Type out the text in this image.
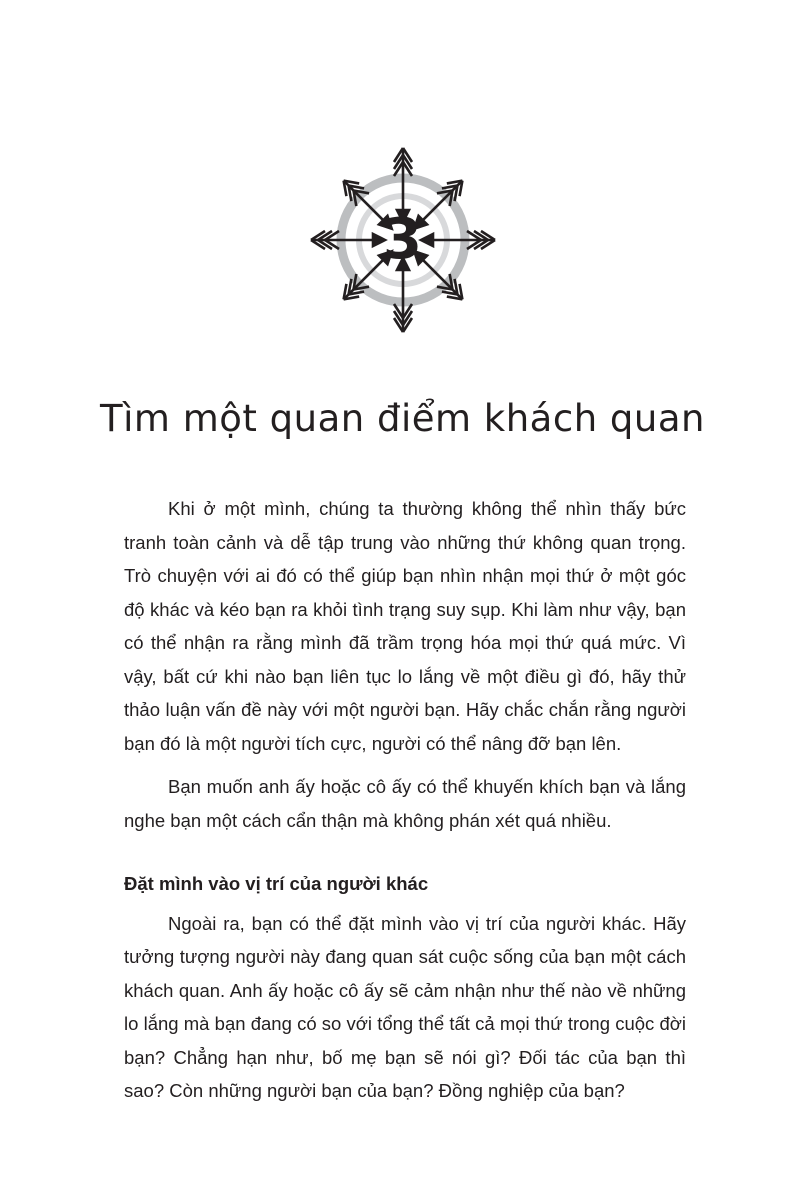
3
Tìm một quan điểm khách quan

Khi ở một mình, chúng ta thường không thể nhìn thấy bức tranh toàn cảnh và dễ tập trung vào những thứ không quan trọng. Trò chuyện với ai đó có thể giúp bạn nhìn nhận mọi thứ ở một góc độ khác và kéo bạn ra khỏi tình trạng suy sụp. Khi làm như vậy, bạn có thể nhận ra rằng mình đã trầm trọng hóa mọi thứ quá mức. Vì vậy, bất cứ khi nào bạn liên tục lo lắng về một điều gì đó, hãy thử thảo luận vấn đề này với một người bạn. Hãy chắc chắn rằng người bạn đó là một người tích cực, người có thể nâng đỡ bạn lên.

Bạn muốn anh ấy hoặc cô ấy có thể khuyến khích bạn và lắng nghe bạn một cách cẩn thận mà không phán xét quá nhiều.

Đặt mình vào vị trí của người khác

Ngoài ra, bạn có thể đặt mình vào vị trí của người khác. Hãy tưởng tượng người này đang quan sát cuộc sống của bạn một cách khách quan. Anh ấy hoặc cô ấy sẽ cảm nhận như thế nào về những lo lắng mà bạn đang có so với tổng thể tất cả mọi thứ trong cuộc đời bạn? Chẳng hạn như, bố mẹ bạn sẽ nói gì? Đối tác của bạn thì sao? Còn những người bạn của bạn? Đồng nghiệp của bạn?
